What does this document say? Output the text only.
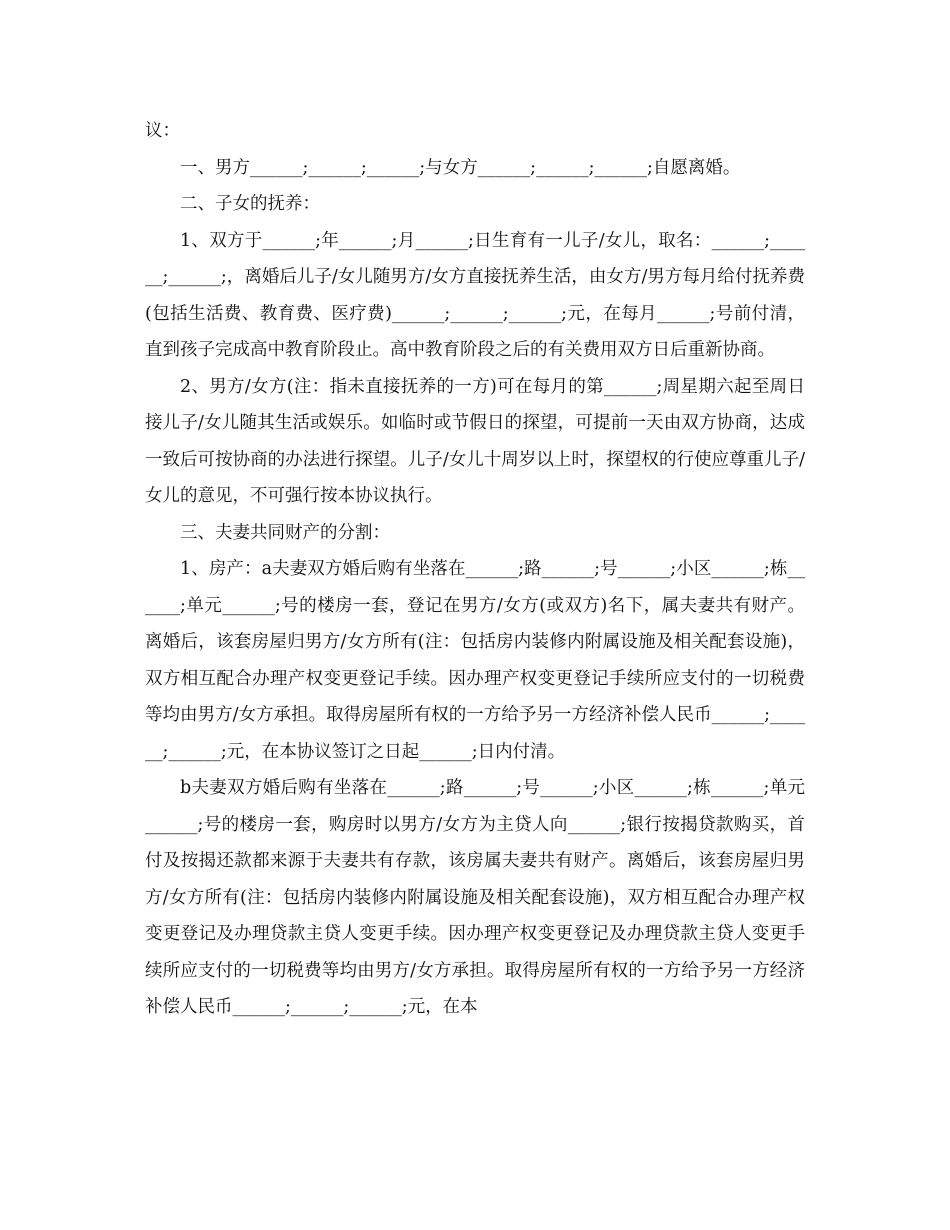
议：

一、男方______;______;______;与女方______;______;______;自愿离婚。

二、子女的抚养：

1、双方于______;年______;月______;日生育有一儿子/女儿，取名：______;______;______;，离婚后儿子/女儿随男方/女方直接抚养生活，由女方/男方每月给付抚养费(包括生活费、教育费、医疗费)______;______;______;元，在每月______;号前付清，直到孩子完成高中教育阶段止。高中教育阶段之后的有关费用双方日后重新协商。

2、男方/女方(注：指未直接抚养的一方)可在每月的第______;周星期六起至周日接儿子/女儿随其生活或娱乐。如临时或节假日的探望，可提前一天由双方协商，达成一致后可按协商的办法进行探望。儿子/女儿十周岁以上时，探望权的行使应尊重儿子/女儿的意见，不可强行按本协议执行。

三、夫妻共同财产的分割：

1、房产：a夫妻双方婚后购有坐落在______;路______;号______;小区______;栋______;单元______;号的楼房一套，登记在男方/女方(或双方)名下，属夫妻共有财产。离婚后，该套房屋归男方/女方所有(注：包括房内装修内附属设施及相关配套设施)，双方相互配合办理产权变更登记手续。因办理产权变更登记手续所应支付的一切税费等均由男方/女方承担。取得房屋所有权的一方给予另一方经济补偿人民币______;______;______;元，在本协议签订之日起______;日内付清。

b夫妻双方婚后购有坐落在______;路______;号______;小区______;栋______;单元______;号的楼房一套，购房时以男方/女方为主贷人向______;银行按揭贷款购买，首付及按揭还款都来源于夫妻共有存款，该房属夫妻共有财产。离婚后，该套房屋归男方/女方所有(注：包括房内装修内附属设施及相关配套设施)，双方相互配合办理产权变更登记及办理贷款主贷人变更手续。因办理产权变更登记及办理贷款主贷人变更手续所应支付的一切税费等均由男方/女方承担。取得房屋所有权的一方给予另一方经济补偿人民币______;______;______;元，在本
